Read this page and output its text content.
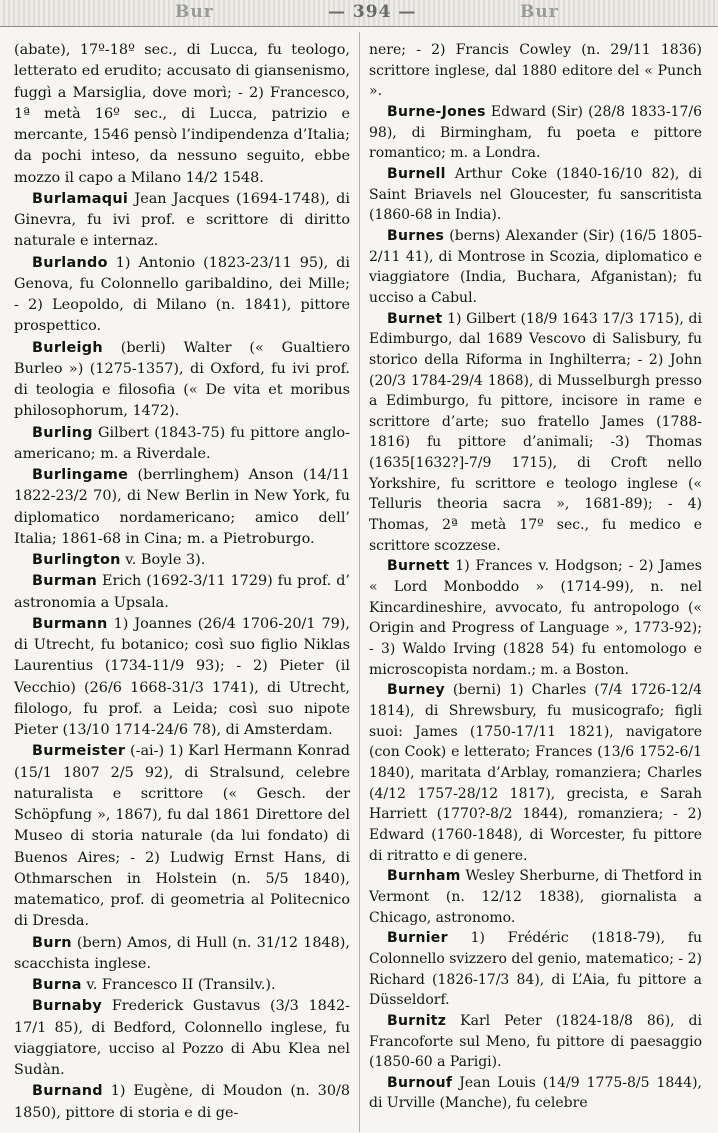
Bur	— 394 —	Bur

(abate), 17º-18º sec., di Lucca, fu teologo, letterato ed erudito; accusato di giansenismo, fuggì a Marsiglia, dove morì; - 2) Francesco, 1ª metà 16º sec., di Lucca, patrizio e mercante, 1546 pensò l’indipendenza d’Italia; da pochi inteso, da nessuno seguito, ebbe mozzo il capo a Milano 14/2 1548.

Burlamaqui Jean Jacques (1694-1748), di Ginevra, fu ivi prof. e scrittore di diritto naturale e internaz.

Burlando 1) Antonio (1823-23/11 95), di Genova, fu Colonnello garibaldino, dei Mille; - 2) Leopoldo, di Milano (n. 1841), pittore prospettico.

Burleigh (berli) Walter (« Gualtiero Burleo ») (1275-1357), di Oxford, fu ivi prof. di teologia e filosofia (« De vita et moribus philosophorum, 1472).

Burling Gilbert (1843-75) fu pittore anglo-americano; m. a Riverdale.

Burlingame (berrlinghem) Anson (14/11 1822-23/2 70), di New Berlin in New York, fu diplomatico nordamericano; amico dell’ Italia; 1861-68 in Cina; m. a Pietroburgo.

Burlington v. Boyle 3).

Burman Erich (1692-3/11 1729) fu prof. d’ astronomia a Upsala.

Burmann 1) Joannes (26/4 1706-20/1 79), di Utrecht, fu botanico; così suo figlio Niklas Laurentius (1734-11/9 93); - 2) Pieter (il Vecchio) (26/6 1668-31/3 1741), di Utrecht, filologo, fu prof. a Leida; così suo nipote Pieter (13/10 1714-24/6 78), di Amsterdam.

Burmeister (-ai-) 1) Karl Hermann Konrad (15/1 1807 2/5 92), di Stralsund, celebre naturalista e scrittore (« Gesch. der Schöpfung », 1867), fu dal 1861 Direttore del Museo di storia naturale (da lui fondato) di Buenos Aires; - 2) Ludwig Ernst Hans, di Othmarschen in Holstein (n. 5/5 1840), matematico, prof. di geometria al Politecnico di Dresda.

Burn (bern) Amos, di Hull (n. 31/12 1848), scacchista inglese.

Burna v. Francesco II (Transilv.).

Burnaby Frederick Gustavus (3/3 1842-17/1 85), di Bedford, Colonnello inglese, fu viaggiatore, ucciso al Pozzo di Abu Klea nel Sudàn.

Burnand 1) Eugène, di Moudon (n. 30/8 1850), pittore di storia e di ge-

nere; - 2) Francis Cowley (n. 29/11 1836) scrittore inglese, dal 1880 editore del « Punch ».

Burne-Jones Edward (Sir) (28/8 1833-17/6 98), di Birmingham, fu poeta e pittore romantico; m. a Londra.

Burnell Arthur Coke (1840-16/10 82), di Saint Briavels nel Gloucester, fu sanscritista (1860-68 in India).

Burnes (berns) Alexander (Sir) (16/5 1805-2/11 41), di Montrose in Scozia, diplomatico e viaggiatore (India, Buchara, Afganistan); fu ucciso a Cabul.

Burnet 1) Gilbert (18/9 1643 17/3 1715), di Edimburgo, dal 1689 Vescovo di Salisbury, fu storico della Riforma in Inghilterra; - 2) John (20/3 1784-29/4 1868), di Musselburgh presso a Edimburgo, fu pittore, incisore in rame e scrittore d’arte; suo fratello James (1788-1816) fu pittore d’animali; -3) Thomas (1635[1632?]-7/9 1715), di Croft nello Yorkshire, fu scrittore e teologo inglese (« Telluris theoria sacra », 1681-89); - 4) Thomas, 2ª metà 17º sec., fu medico e scrittore scozzese.

Burnett 1) Frances v. Hodgson; - 2) James « Lord Monboddo » (1714-99), n. nel Kincardineshire, avvocato, fu antropologo (« Origin and Progress of Language », 1773-92); - 3) Waldo Irving (1828 54) fu entomologo e microscopista nordam.; m. a Boston.

Burney (berni) 1) Charles (7/4 1726-12/4 1814), di Shrewsbury, fu musicografo; figli suoi: James (1750-17/11 1821), navigatore (con Cook) e letterato; Frances (13/6 1752-6/1 1840), maritata d’Arblay, romanziera; Charles (4/12 1757-28/12 1817), grecista, e Sarah Harriett (1770?-8/2 1844), romanziera; - 2) Edward (1760-1848), di Worcester, fu pittore di ritratto e di genere.

Burnham Wesley Sherburne, di Thetford in Vermont (n. 12/12 1838), giornalista a Chicago, astronomo.

Burnier 1) Frédéric (1818-79), fu Colonnello svizzero del genio, matematico; - 2) Richard (1826-17/3 84), di L’Aia, fu pittore a Düsseldorf.

Burnitz Karl Peter (1824-18/8 86), di Francoforte sul Meno, fu pittore di paesaggio (1850-60 a Parigi).

Burnouf Jean Louis (14/9 1775-8/5 1844), di Urville (Manche), fu celebre
